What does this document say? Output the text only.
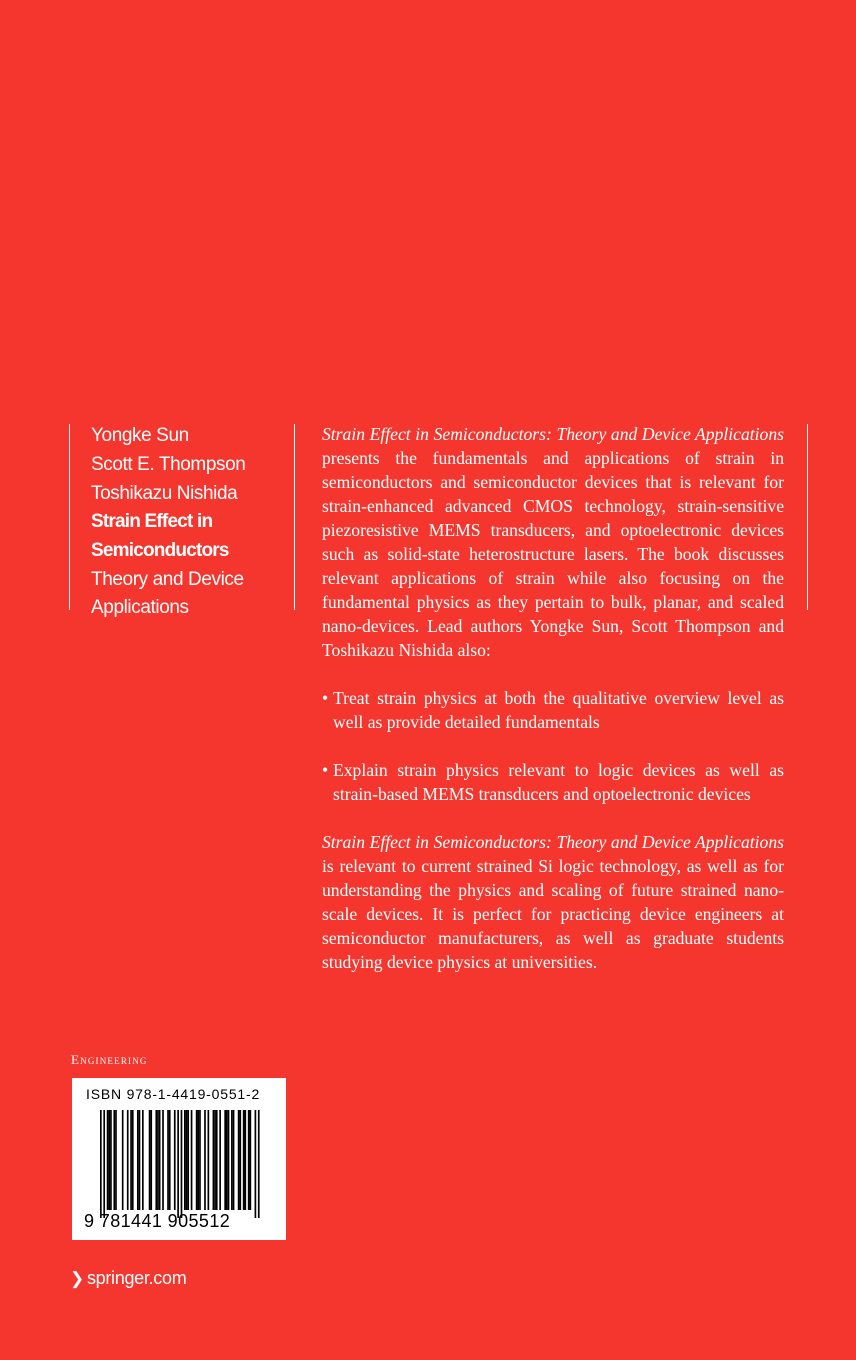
Yongke Sun
Scott E. Thompson
Toshikazu Nishida
Strain Effect in
Semiconductors
Theory and Device
Applications

Strain Effect in Semiconductors: Theory and Device Applications presents the fundamentals and applications of strain in semiconductors and semiconductor devices that is relevant for strain-enhanced advanced CMOS technology, strain-sensitive piezoresistive MEMS transducers, and optoelectronic devices such as solid-state heterostructure lasers. The book discusses relevant applications of strain while also focusing on the fundamental physics as they pertain to bulk, planar, and scaled nano-devices. Lead authors Yongke Sun, Scott Thompson and Toshikazu Nishida also:

• Treat strain physics at both the qualitative overview level as well as provide detailed fundamentals
• Explain strain physics relevant to logic devices as well as strain-based MEMS transducers and optoelectronic devices

Strain Effect in Semiconductors: Theory and Device Applications is relevant to current strained Si logic technology, as well as for understanding the physics and scaling of future strained nano-scale devices. It is perfect for practicing device engineers at semiconductor manufacturers, as well as graduate students studying device physics at universities.

Engineering
ISBN 978-1-4419-0551-2
9 781441 905512
❯ springer.com
